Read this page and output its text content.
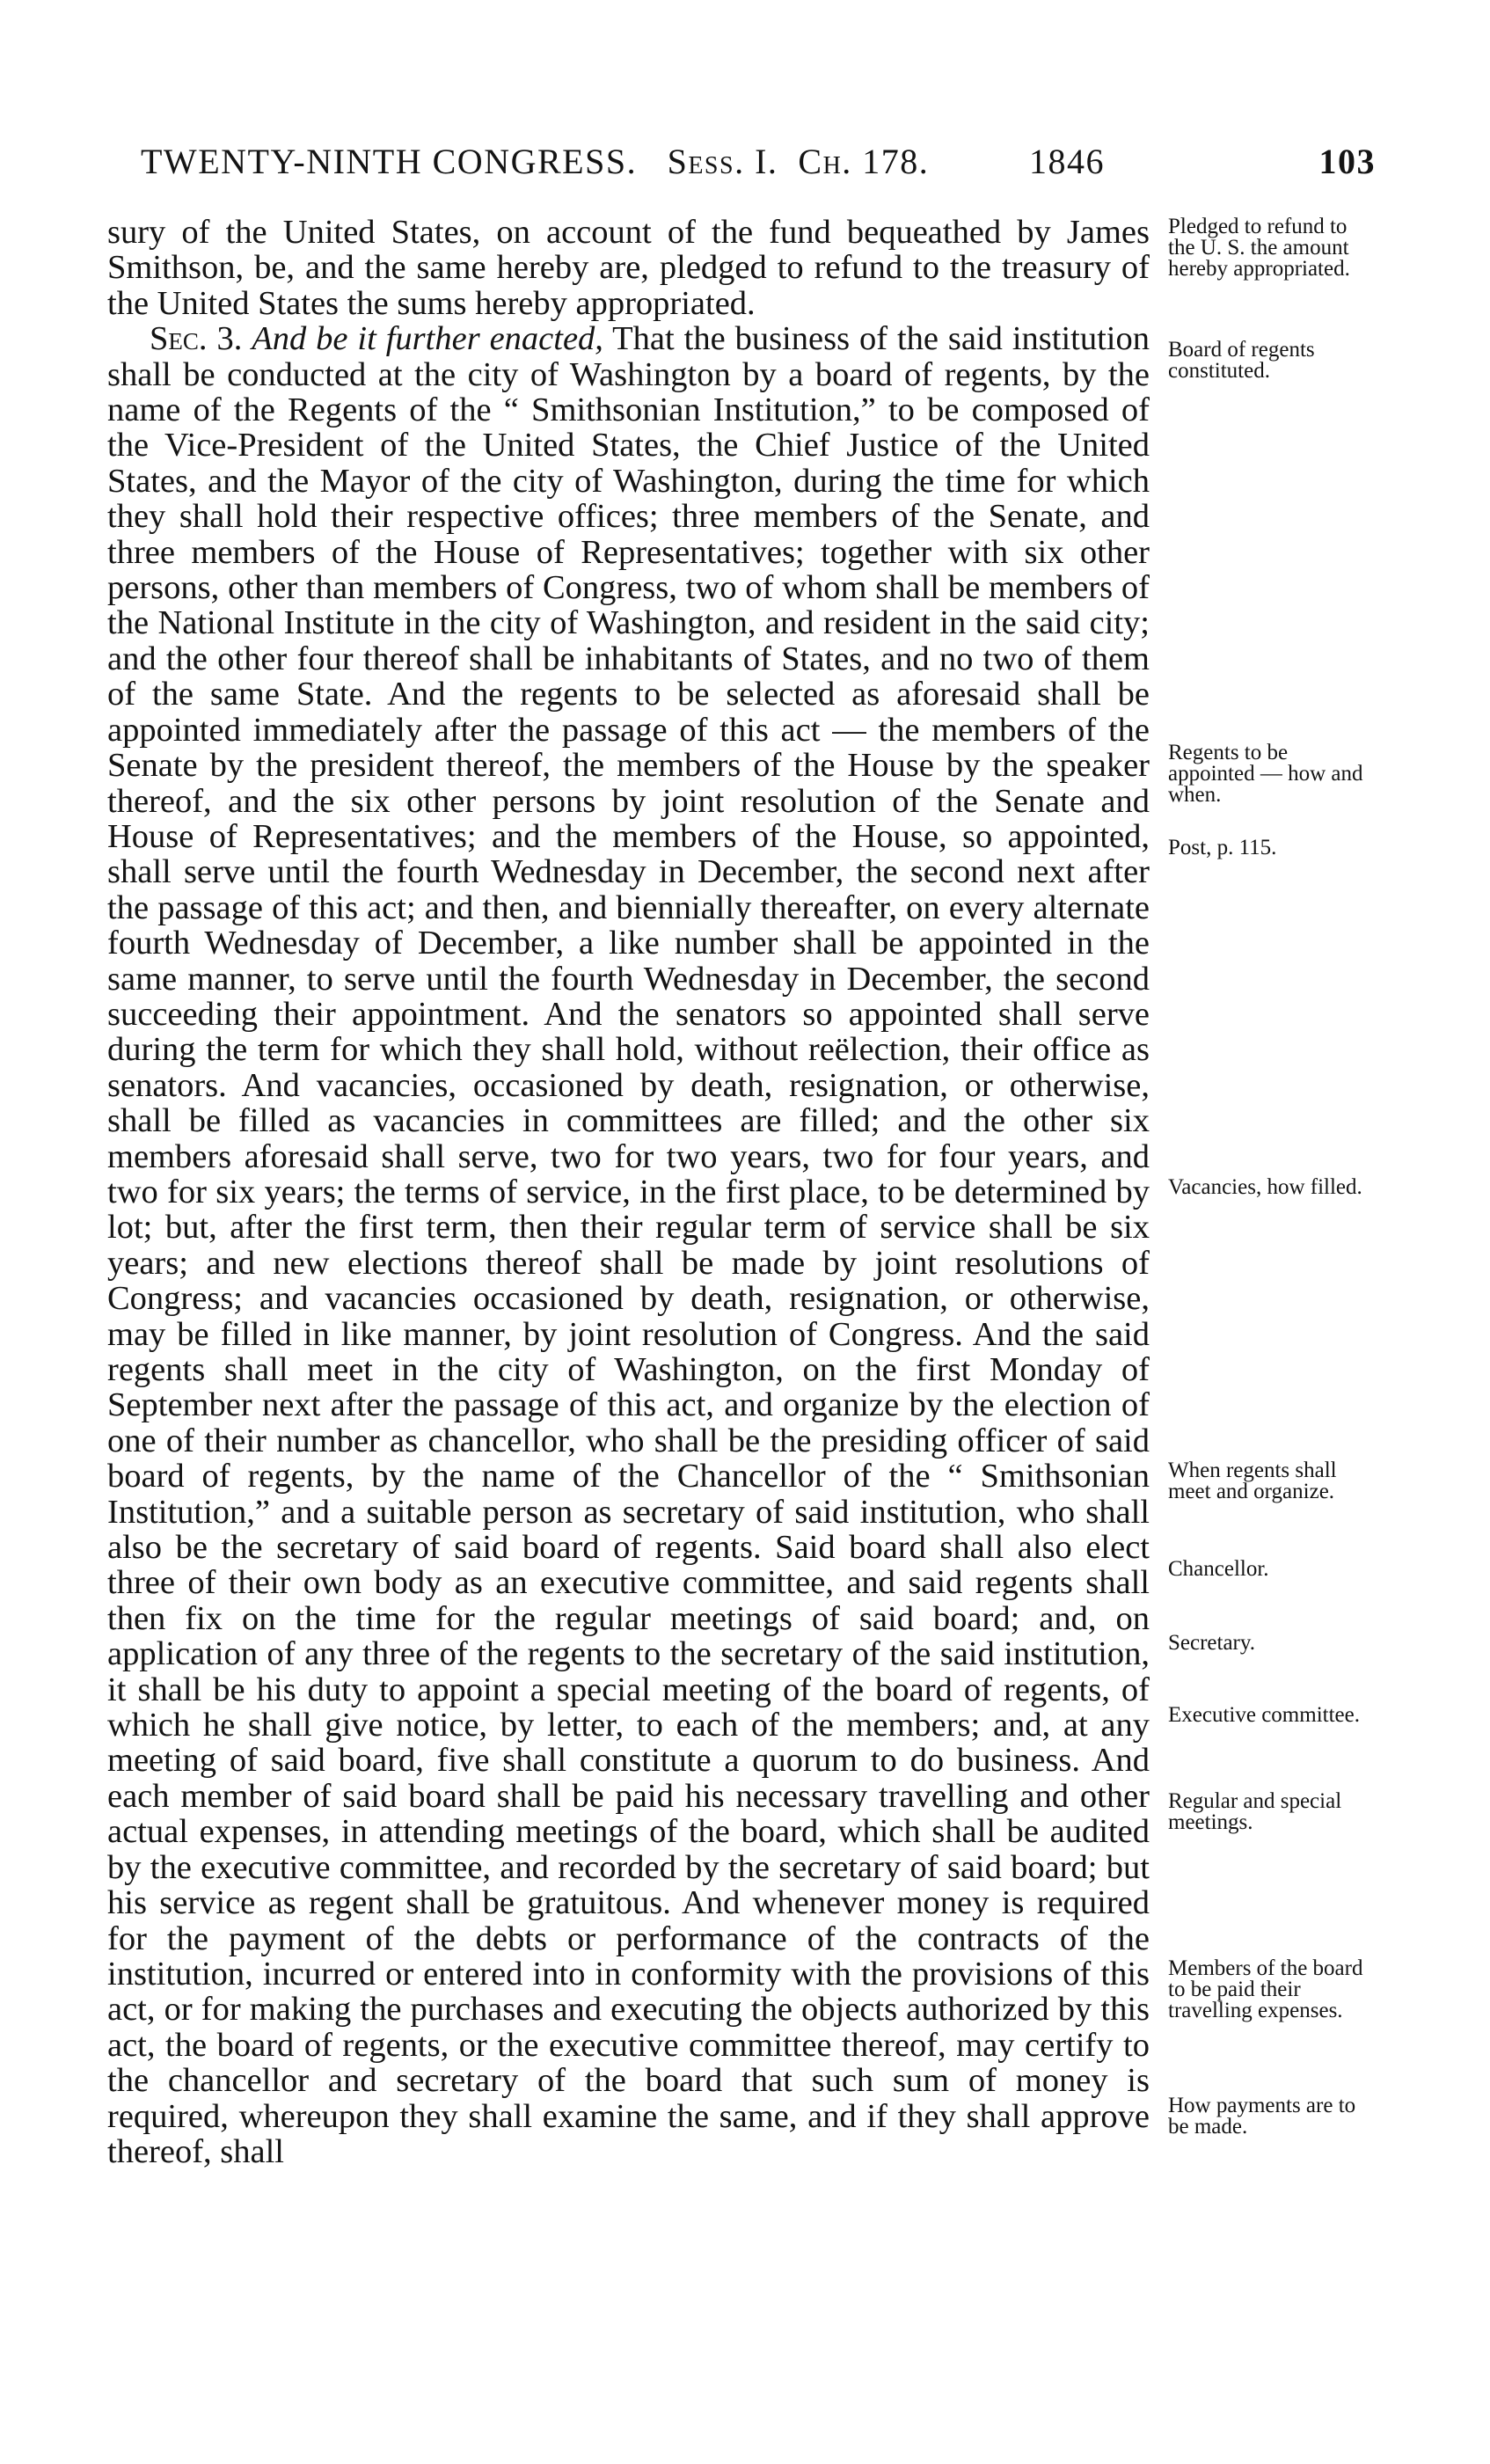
TWENTY-NINTH CONGRESS. Sess. I. Ch. 178.	1846	103

sury of the United States, on account of the fund bequeathed by James Smithson, be, and the same hereby are, pledged to refund to the treasury of the United States the sums hereby appropriated.

Sec. 3. And be it further enacted, That the business of the said institution shall be conducted at the city of Washington by a board of regents, by the name of the Regents of the “ Smithsonian Institution,” to be composed of the Vice-President of the United States, the Chief Justice of the United States, and the Mayor of the city of Washington, during the time for which they shall hold their respective offices; three members of the Senate, and three members of the House of Representatives; together with six other persons, other than members of Congress, two of whom shall be members of the National Institute in the city of Washington, and resident in the said city; and the other four thereof shall be inhabitants of States, and no two of them of the same State. And the regents to be selected as aforesaid shall be appointed immediately after the passage of this act — the members of the Senate by the president thereof, the members of the House by the speaker thereof, and the six other persons by joint resolution of the Senate and House of Representatives; and the members of the House, so appointed, shall serve until the fourth Wednesday in December, the second next after the passage of this act; and then, and biennially thereafter, on every alternate fourth Wednesday of December, a like number shall be appointed in the same manner, to serve until the fourth Wednesday in December, the second succeeding their appointment. And the senators so appointed shall serve during the term for which they shall hold, without reëlection, their office as senators. And vacancies, occasioned by death, resignation, or otherwise, shall be filled as vacancies in committees are filled; and the other six members aforesaid shall serve, two for two years, two for four years, and two for six years; the terms of service, in the first place, to be determined by lot; but, after the first term, then their regular term of service shall be six years; and new elections thereof shall be made by joint resolutions of Congress; and vacancies occasioned by death, resignation, or otherwise, may be filled in like manner, by joint resolution of Congress. And the said regents shall meet in the city of Washington, on the first Monday of September next after the passage of this act, and organize by the election of one of their number as chancellor, who shall be the presiding officer of said board of regents, by the name of the Chancellor of the “ Smithsonian Institution,” and a suitable person as secretary of said institution, who shall also be the secretary of said board of regents. Said board shall also elect three of their own body as an executive committee, and said regents shall then fix on the time for the regular meetings of said board; and, on application of any three of the regents to the secretary of the said institution, it shall be his duty to appoint a special meeting of the board of regents, of which he shall give notice, by letter, to each of the members; and, at any meeting of said board, five shall constitute a quorum to do business. And each member of said board shall be paid his necessary travelling and other actual expenses, in attending meetings of the board, which shall be audited by the executive committee, and recorded by the secretary of said board; but his service as regent shall be gratuitous. And whenever money is required for the payment of the debts or performance of the contracts of the institution, incurred or entered into in conformity with the provisions of this act, or for making the purchases and executing the objects authorized by this act, the board of regents, or the executive committee thereof, may certify to the chancellor and secretary of the board that such sum of money is required, whereupon they shall examine the same, and if they shall approve thereof, shall

Pledged to refund to the U. S. the amount hereby appropriated.
Board of regents constituted.
Regents to be appointed — how and when.
Post, p. 115.
Vacancies, how filled.
When regents shall meet and organize.
Chancellor.
Secretary.
Executive committee.
Regular and special meetings.
Members of the board to be paid their travelling expenses.
How payments are to be made.
